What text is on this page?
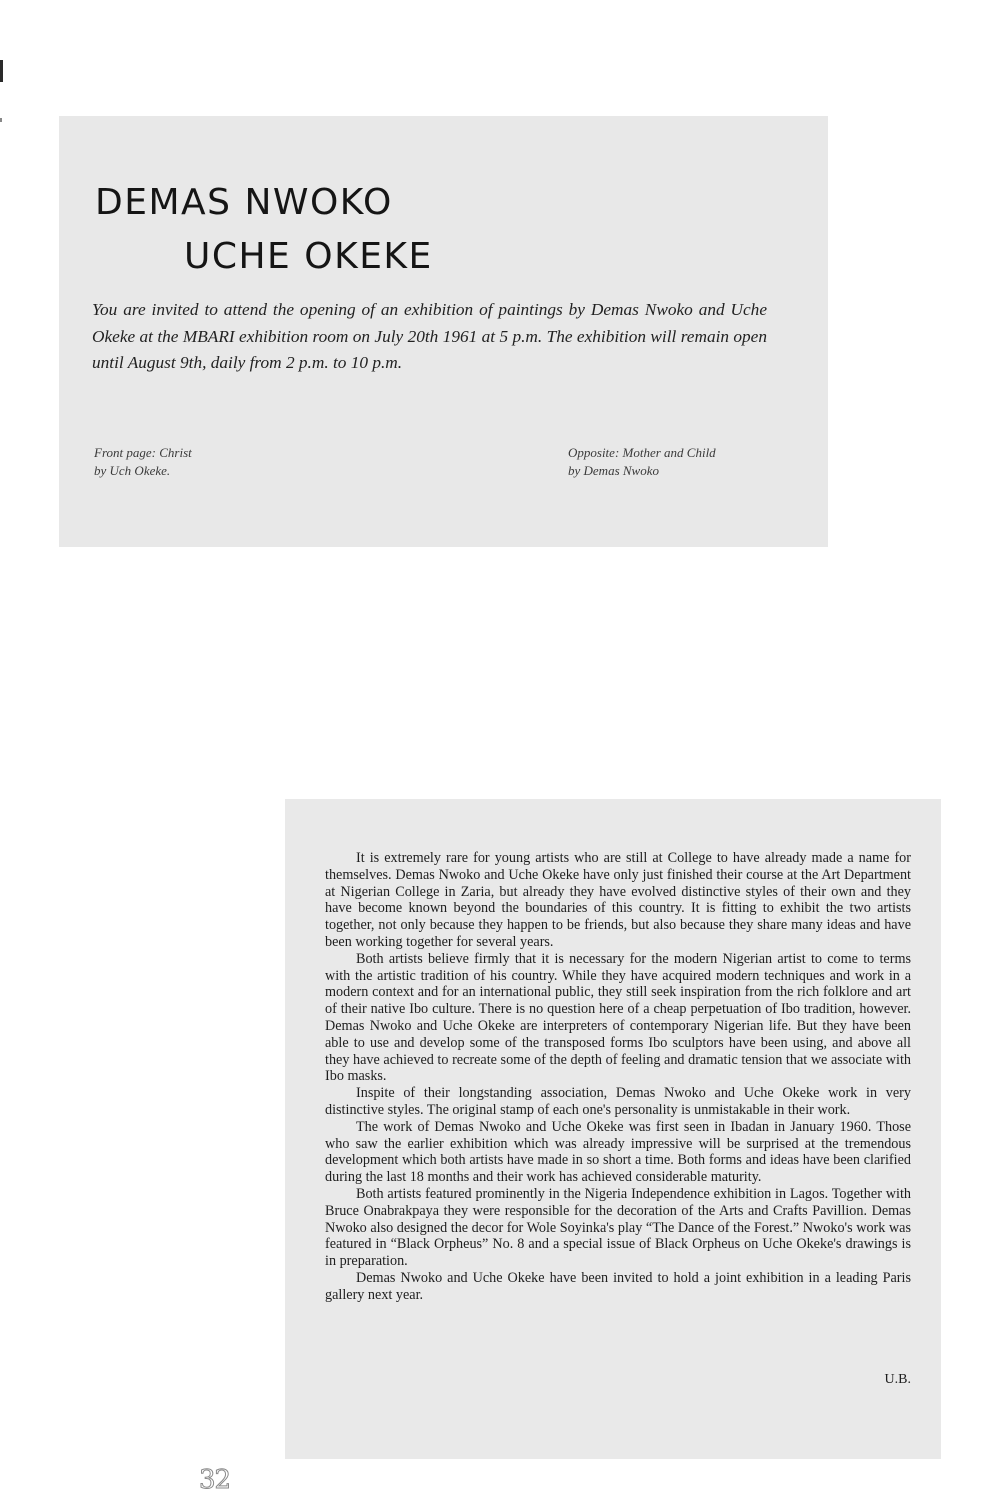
DEMAS NWOKO
UCHE OKEKE

You are invited to attend the opening of an exhibition of paintings by Demas Nwoko and Uche Okeke at the MBARI exhibition room on July 20th 1961 at 5 p.m. The exhibition will remain open until August 9th, daily from 2 p.m. to 10 p.m.

Front page: Christ
by Uch Okeke.

Opposite: Mother and Child
by Demas Nwoko

It is extremely rare for young artists who are still at College to have already made a name for themselves. Demas Nwoko and Uche Okeke have only just finished their course at the Art Department at Nigerian College in Zaria, but already they have evolved distinctive styles of their own and they have become known beyond the boundaries of this country. It is fitting to exhibit the two artists together, not only because they happen to be friends, but also because they share many ideas and have been working together for several years.

Both artists believe firmly that it is necessary for the modern Nigerian artist to come to terms with the artistic tradition of his country. While they have acquired modern techniques and work in a modern context and for an international public, they still seek inspiration from the rich folklore and art of their native Ibo culture. There is no question here of a cheap perpetuation of Ibo tradition, however. Demas Nwoko and Uche Okeke are interpreters of contemporary Nigerian life. But they have been able to use and develop some of the transposed forms Ibo sculptors have been using, and above all they have achieved to recreate some of the depth of feeling and dramatic tension that we associate with Ibo masks.

Inspite of their longstanding association, Demas Nwoko and Uche Okeke work in very distinctive styles. The original stamp of each one's personality is unmistakable in their work.

The work of Demas Nwoko and Uche Okeke was first seen in Ibadan in January 1960. Those who saw the earlier exhibition which was already impressive will be surprised at the tremendous development which both artists have made in so short a time. Both forms and ideas have been clarified during the last 18 months and their work has achieved considerable maturity.

Both artists featured prominently in the Nigeria Independence exhibition in Lagos. Together with Bruce Onabrakpaya they were responsible for the decoration of the Arts and Crafts Pavillion. Demas Nwoko also designed the decor for Wole Soyinka's play “The Dance of the Forest.” Nwoko's work was featured in “Black Orpheus” No. 8 and a special issue of Black Orpheus on Uche Okeke's drawings is in preparation.

Demas Nwoko and Uche Okeke have been invited to hold a joint exhibition in a leading Paris gallery next year.

U.B.

32
